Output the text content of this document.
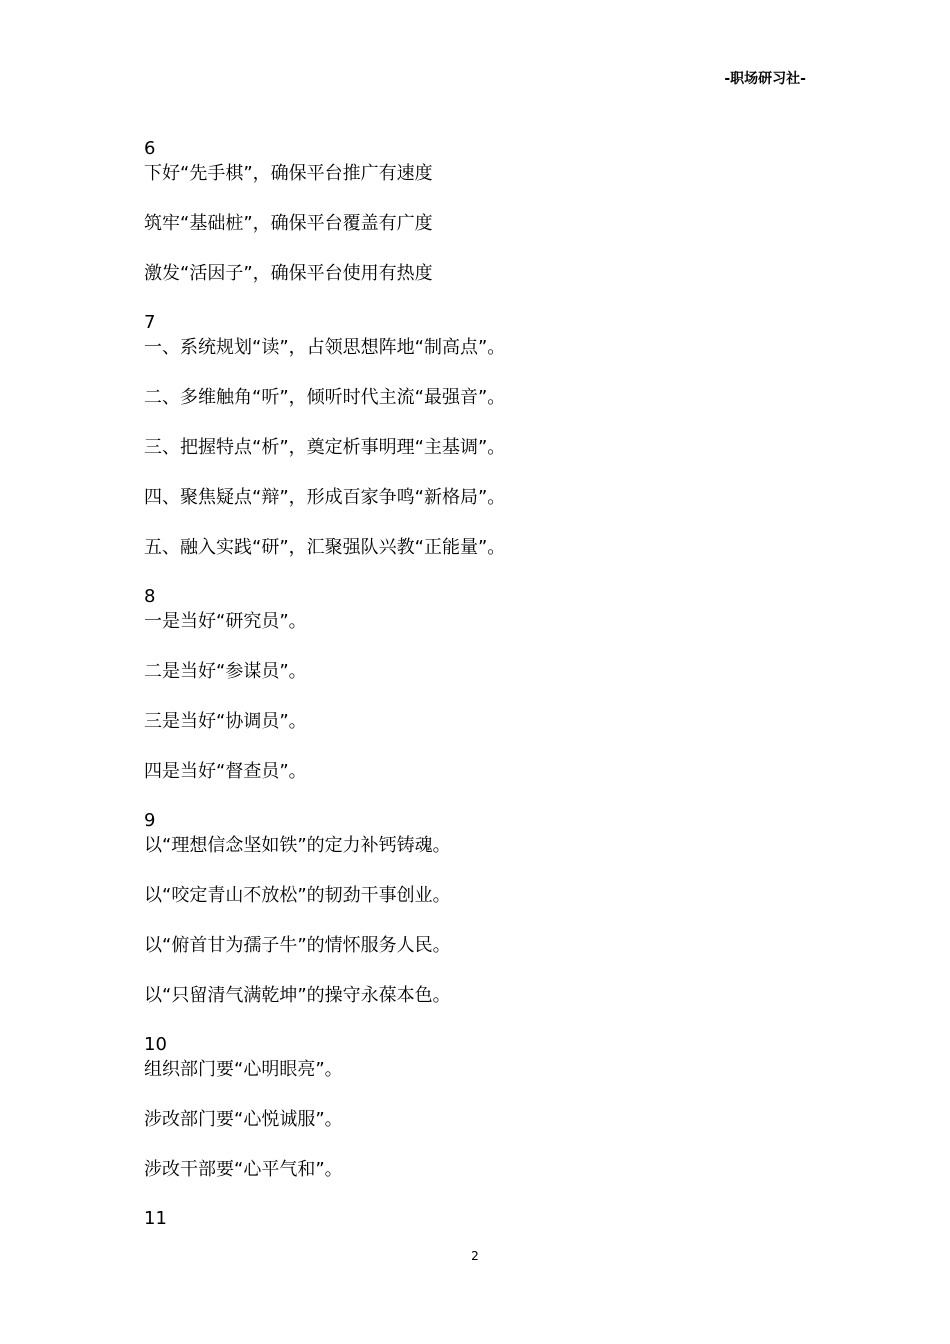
-职场研习社-
6
下好“先手棋”，确保平台推广有速度
筑牢“基础桩”，确保平台覆盖有广度
激发“活因子”，确保平台使用有热度
7
一、系统规划“读”，占领思想阵地“制高点”。
二、多维触角“听”，倾听时代主流“最强音”。
三、把握特点“析”，奠定析事明理“主基调”。
四、聚焦疑点“辩”，形成百家争鸣“新格局”。
五、融入实践“研”，汇聚强队兴教“正能量”。
8
一是当好“研究员”。
二是当好“参谋员”。
三是当好“协调员”。
四是当好“督查员”。
9
以“理想信念坚如铁”的定力补钙铸魂。
以“咬定青山不放松”的韧劲干事创业。
以“俯首甘为孺子牛”的情怀服务人民。
以“只留清气满乾坤”的操守永葆本色。
10
组织部门要“心明眼亮”。
涉改部门要“心悦诚服”。
涉改干部要“心平气和”。
11
2
